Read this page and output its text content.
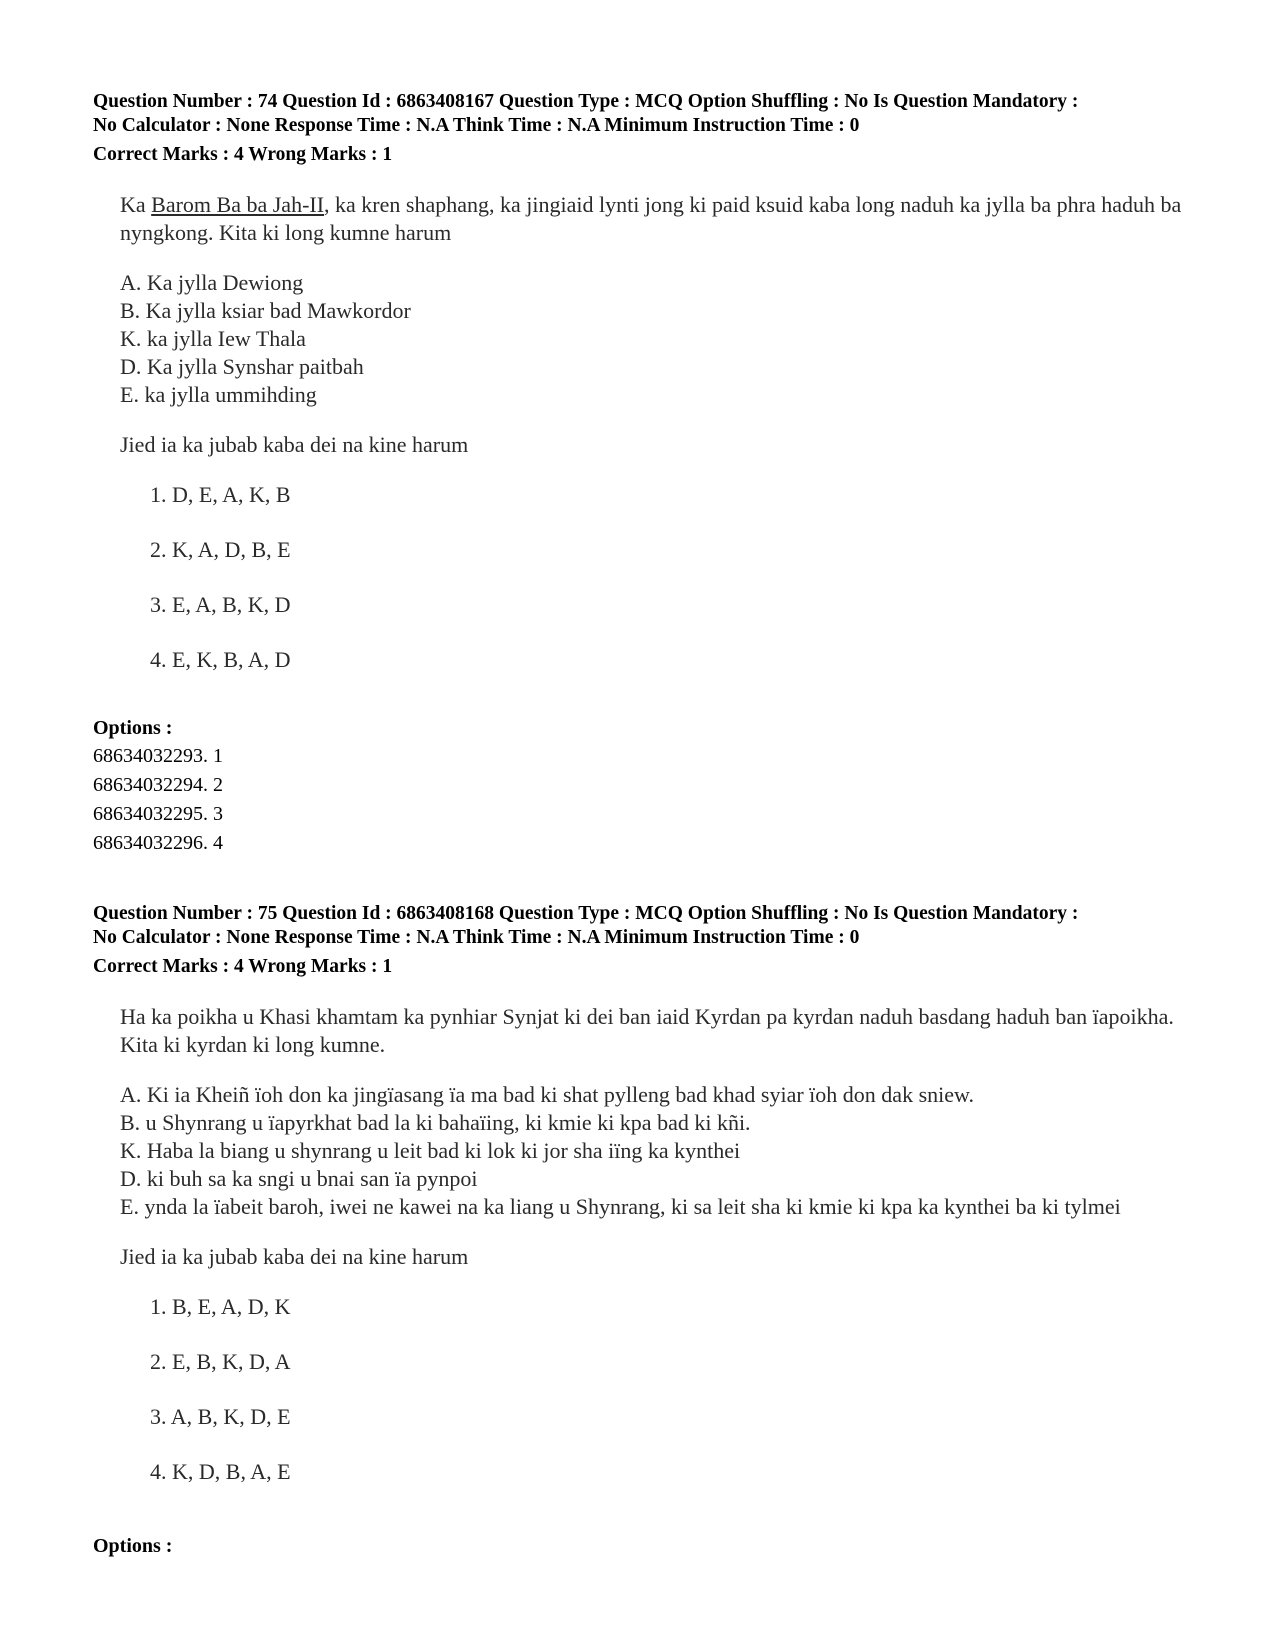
Question Number : 74 Question Id : 6863408167 Question Type : MCQ Option Shuffling : No Is Question Mandatory :
No Calculator : None Response Time : N.A Think Time : N.A Minimum Instruction Time : 0
Correct Marks : 4 Wrong Marks : 1

Ka Barom Ba ba Jah-II, ka kren shaphang, ka jingiaid lynti jong ki paid ksuid kaba long naduh ka jylla ba phra haduh ba nyngkong. Kita ki long kumne harum

A. Ka jylla Dewiong
B. Ka jylla ksiar bad Mawkordor
K. ka jylla Iew Thala
D. Ka jylla Synshar paitbah
E. ka jylla ummihding
Jied ia ka jubab kaba dei na kine harum
1. D, E, A, K, B
2. K, A, D, B, E
3. E, A, B, K, D
4. E, K, B, A, D
Options :
68634032293. 1
68634032294. 2
68634032295. 3
68634032296. 4
Question Number : 75 Question Id : 6863408168 Question Type : MCQ Option Shuffling : No Is Question Mandatory :
No Calculator : None Response Time : N.A Think Time : N.A Minimum Instruction Time : 0
Correct Marks : 4 Wrong Marks : 1

Ha ka poikha u Khasi khamtam ka pynhiar Synjat ki dei ban iaid Kyrdan pa kyrdan naduh basdang haduh ban ïapoikha. Kita ki kyrdan ki long kumne.

A. Ki ia Kheiñ ïoh don ka jingïasang ïa ma bad ki shat pylleng bad khad syiar ïoh don dak sniew.
B. u Shynrang u ïapyrkhat bad la ki bahaïing, ki kmie ki kpa bad ki kñi.
K. Haba la biang u shynrang u leit bad ki lok ki jor sha iïng ka kynthei
D. ki buh sa ka sngi u bnai san ïa pynpoi
E. ynda la ïabeit baroh, iwei ne kawei na ka liang u Shynrang, ki sa leit sha ki kmie ki kpa ka kynthei ba ki tylmei
Jied ia ka jubab kaba dei na kine harum
1. B, E, A, D, K
2. E, B, K, D, A
3. A, B, K, D, E
4. K, D, B, A, E
Options :
